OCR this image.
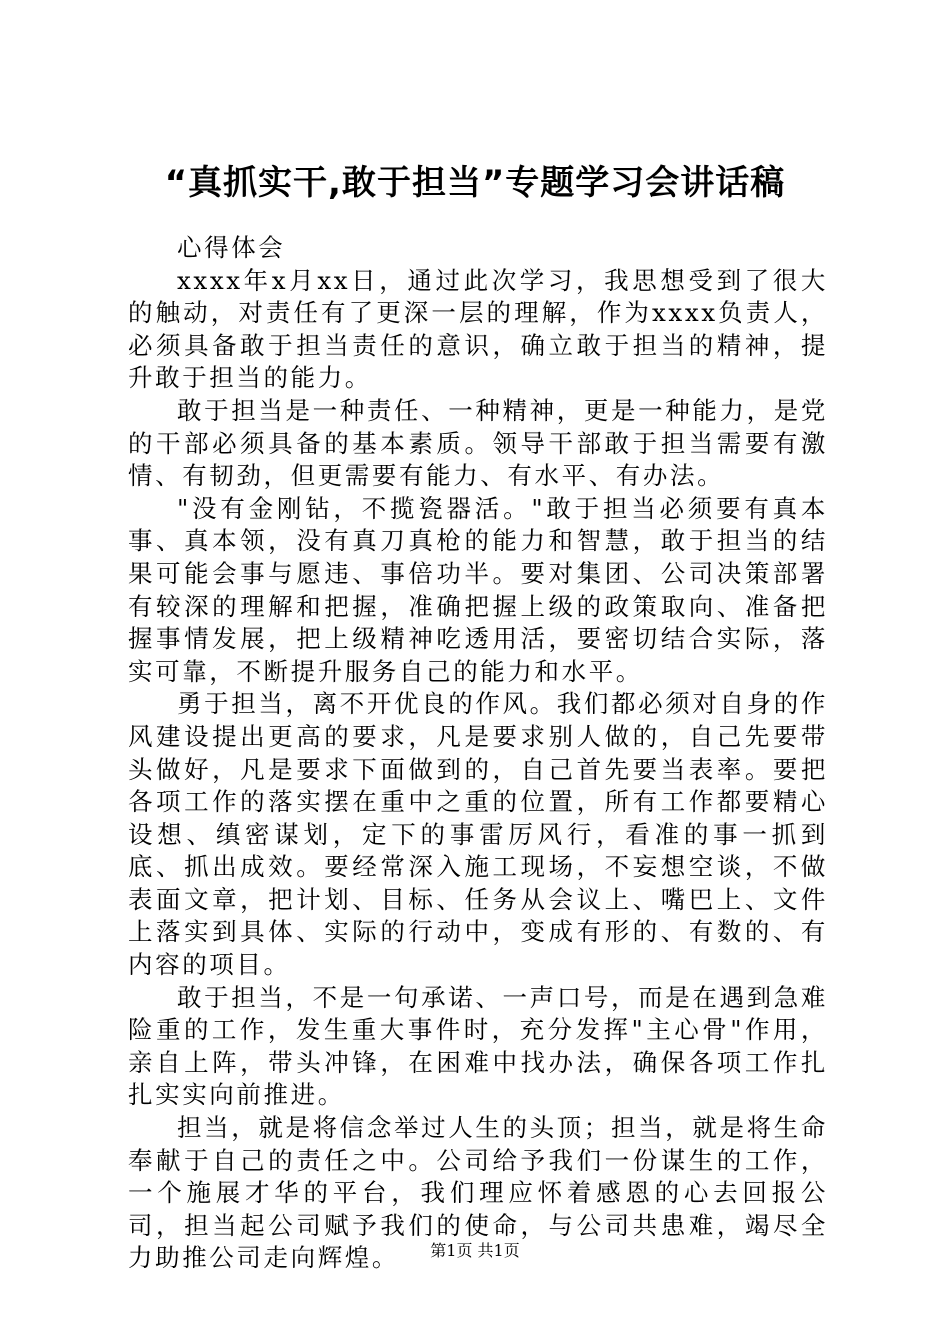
“真抓实干,敢于担当”专题学习会讲话稿
心得体会

xxxx年x月xx日，通过此次学习，我思想受到了很大的触动，对责任有了更深一层的理解，作为xxxx负责人，必须具备敢于担当责任的意识，确立敢于担当的精神，提升敢于担当的能力。

敢于担当是一种责任、一种精神，更是一种能力，是党的干部必须具备的基本素质。领导干部敢于担当需要有激情、有韧劲，但更需要有能力、有水平、有办法。

"没有金刚钻，不揽瓷器活。"敢于担当必须要有真本事、真本领，没有真刀真枪的能力和智慧，敢于担当的结果可能会事与愿违、事倍功半。要对集团、公司决策部署有较深的理解和把握，准确把握上级的政策取向、准备把握事情发展，把上级精神吃透用活，要密切结合实际，落实可靠，不断提升服务自己的能力和水平。

勇于担当，离不开优良的作风。我们都必须对自身的作风建设提出更高的要求，凡是要求别人做的，自己先要带头做好，凡是要求下面做到的，自己首先要当表率。要把各项工作的落实摆在重中之重的位置，所有工作都要精心设想、缜密谋划，定下的事雷厉风行，看准的事一抓到底、抓出成效。要经常深入施工现场，不妄想空谈，不做表面文章，把计划、目标、任务从会议上、嘴巴上、文件上落实到具体、实际的行动中，变成有形的、有数的、有内容的项目。

敢于担当，不是一句承诺、一声口号，而是在遇到急难险重的工作，发生重大事件时，充分发挥"主心骨"作用，亲自上阵，带头冲锋，在困难中找办法，确保各项工作扎扎实实向前推进。

担当，就是将信念举过人生的头顶；担当，就是将生命奉献于自己的责任之中。公司给予我们一份谋生的工作，一个施展才华的平台，我们理应怀着感恩的心去回报公司，担当起公司赋予我们的使命，与公司共患难，竭尽全力助推公司走向辉煌。	第1页 共1页
